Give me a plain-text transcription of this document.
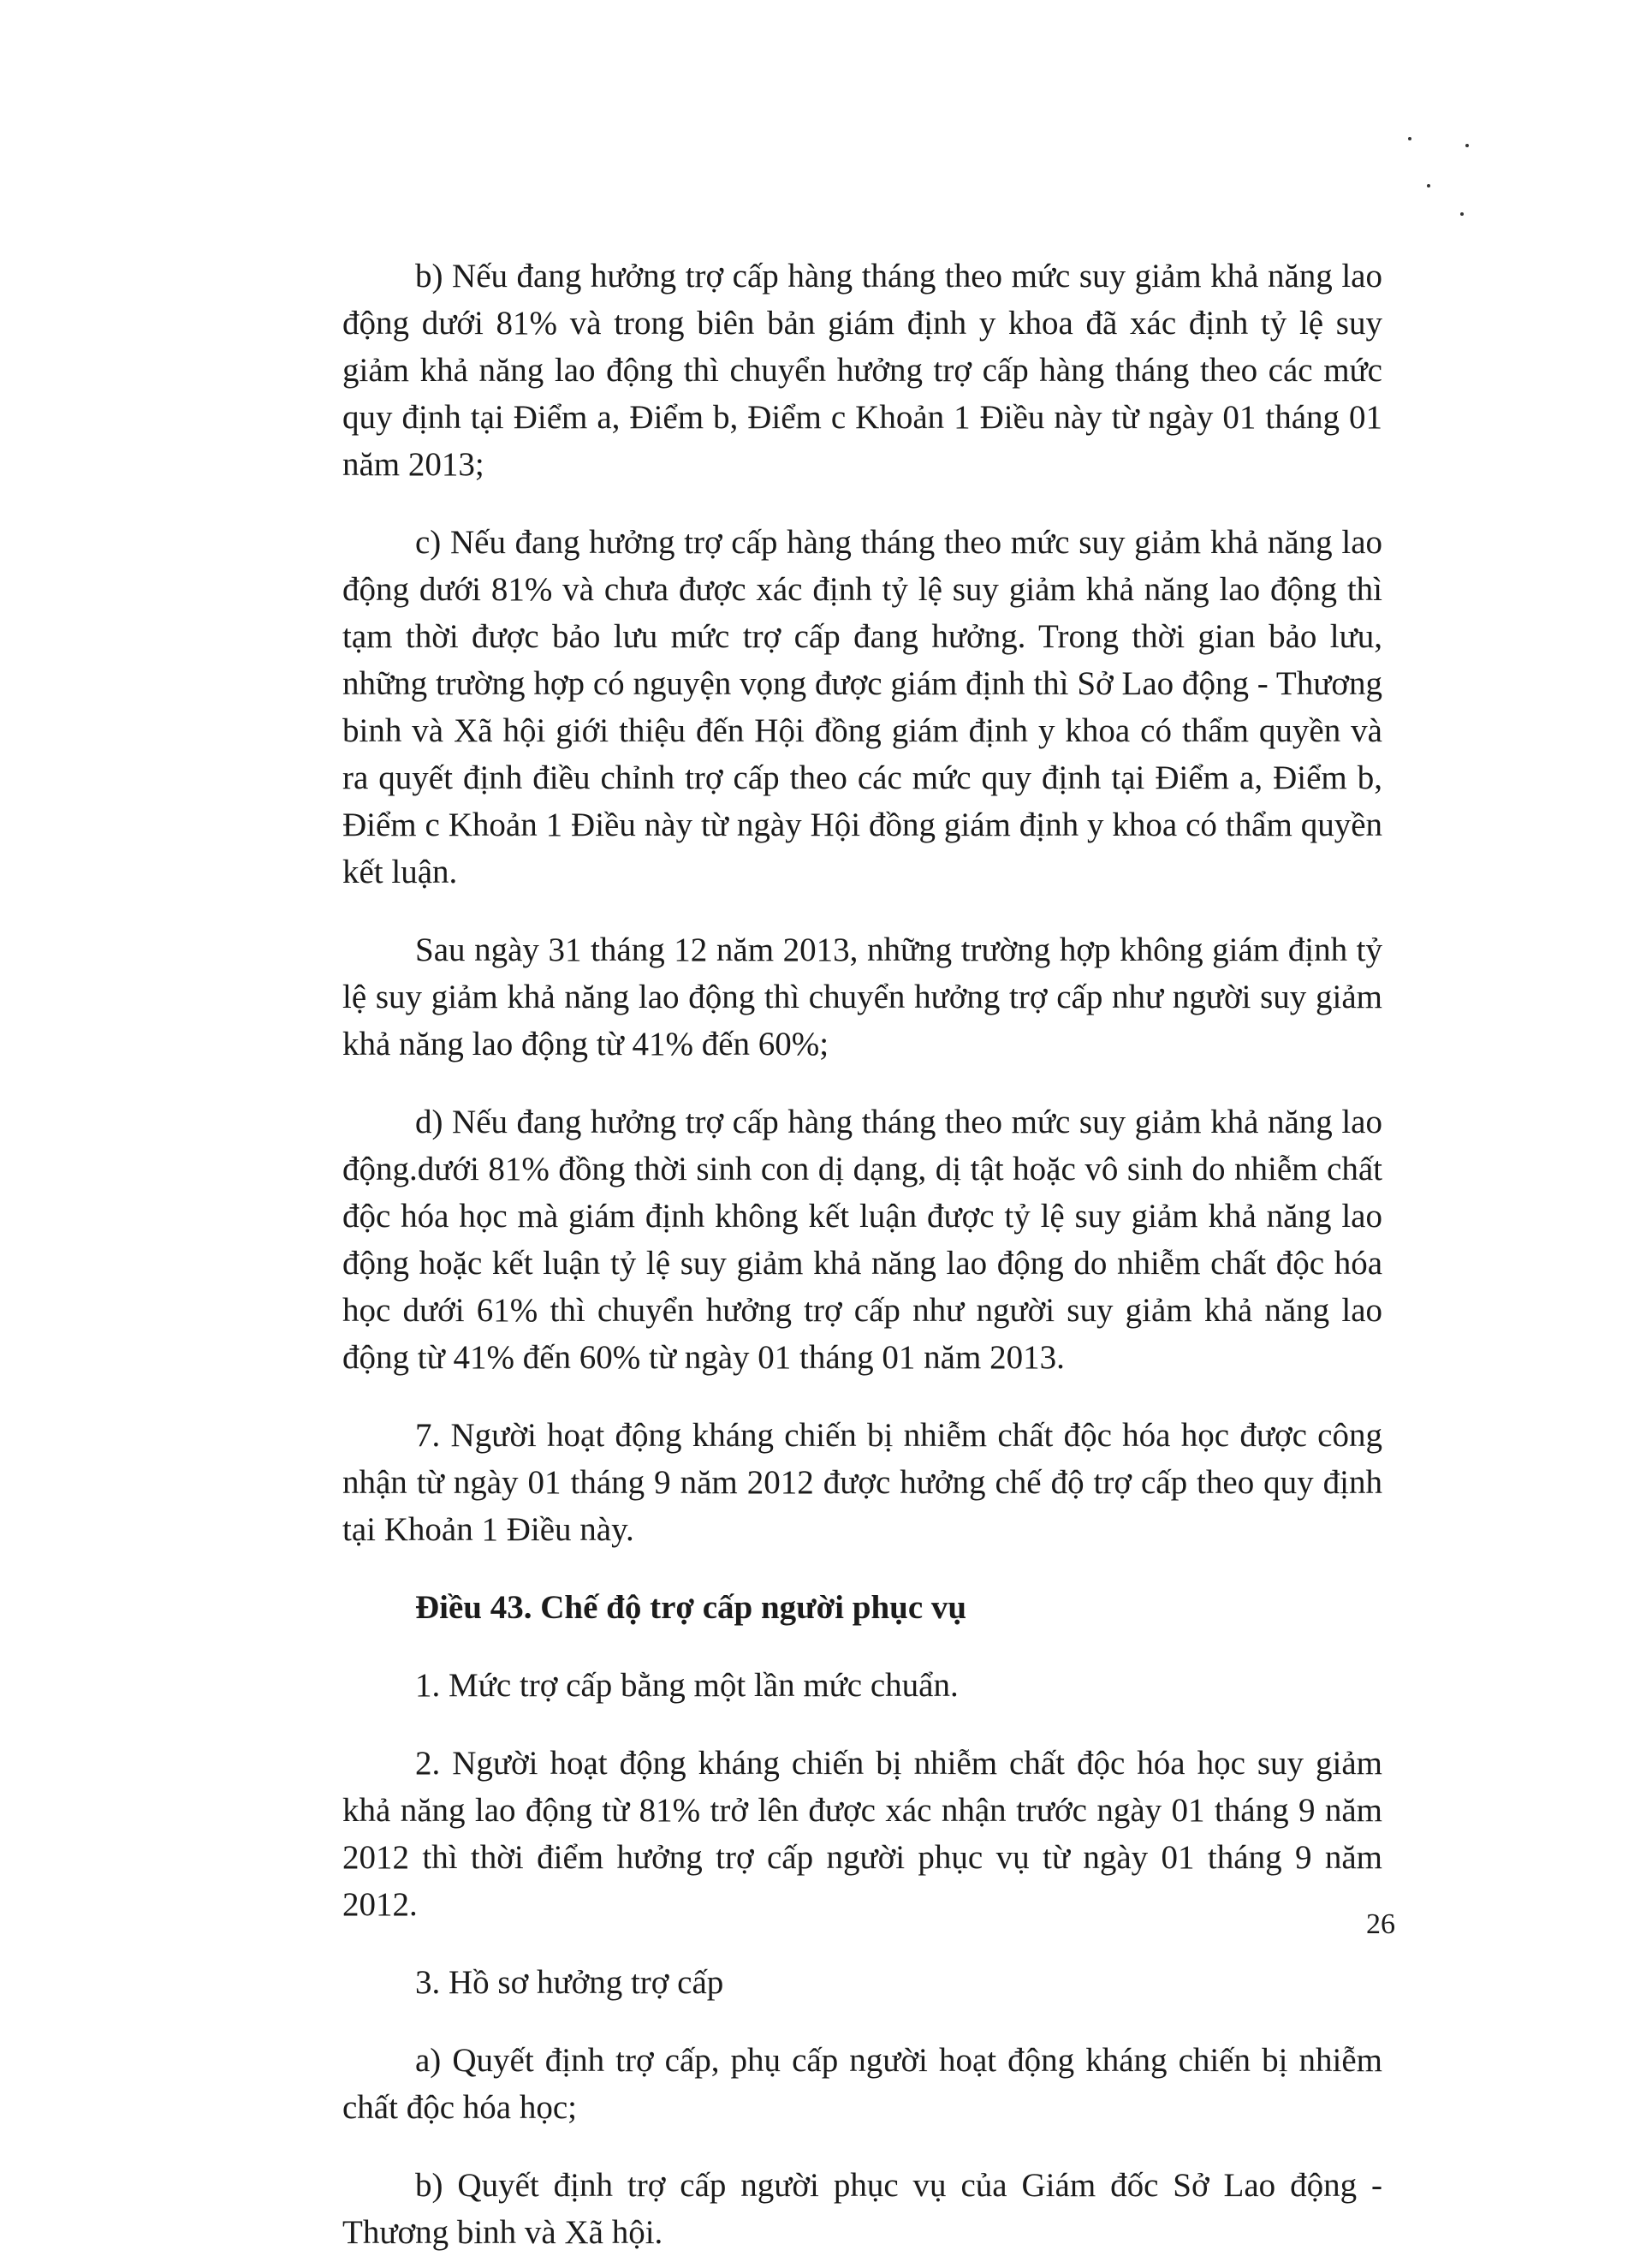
b) Nếu đang hưởng trợ cấp hàng tháng theo mức suy giảm khả năng lao động dưới 81% và trong biên bản giám định y khoa đã xác định tỷ lệ suy giảm khả năng lao động thì chuyển hưởng trợ cấp hàng tháng theo các mức quy định tại Điểm a, Điểm b, Điểm c Khoản 1 Điều này từ ngày 01 tháng 01 năm 2013;

c) Nếu đang hưởng trợ cấp hàng tháng theo mức suy giảm khả năng lao động dưới 81% và chưa được xác định tỷ lệ suy giảm khả năng lao động thì tạm thời được bảo lưu mức trợ cấp đang hưởng. Trong thời gian bảo lưu, những trường hợp có nguyện vọng được giám định thì Sở Lao động - Thương binh và Xã hội giới thiệu đến Hội đồng giám định y khoa có thẩm quyền và ra quyết định điều chỉnh trợ cấp theo các mức quy định tại Điểm a, Điểm b, Điểm c Khoản 1 Điều này từ ngày Hội đồng giám định y khoa có thẩm quyền kết luận.

Sau ngày 31 tháng 12 năm 2013, những trường hợp không giám định tỷ lệ suy giảm khả năng lao động thì chuyển hưởng trợ cấp như người suy giảm khả năng lao động từ 41% đến 60%;

d) Nếu đang hưởng trợ cấp hàng tháng theo mức suy giảm khả năng lao động.dưới 81% đồng thời sinh con dị dạng, dị tật hoặc vô sinh do nhiễm chất độc hóa học mà giám định không kết luận được tỷ lệ suy giảm khả năng lao động hoặc kết luận tỷ lệ suy giảm khả năng lao động do nhiễm chất độc hóa học dưới 61% thì chuyển hưởng trợ cấp như người suy giảm khả năng lao động từ 41% đến 60% từ ngày 01 tháng 01 năm 2013.

7. Người hoạt động kháng chiến bị nhiễm chất độc hóa học được công nhận từ ngày 01 tháng 9 năm 2012 được hưởng chế độ trợ cấp theo quy định tại Khoản 1 Điều này.

Điều 43. Chế độ trợ cấp người phục vụ

1. Mức trợ cấp bằng một lần mức chuẩn.

2. Người hoạt động kháng chiến bị nhiễm chất độc hóa học suy giảm khả năng lao động từ 81% trở lên được xác nhận trước ngày 01 tháng 9 năm 2012 thì thời điểm hưởng trợ cấp người phục vụ từ ngày 01 tháng 9 năm 2012.

3. Hồ sơ hưởng trợ cấp

a) Quyết định trợ cấp, phụ cấp người hoạt động kháng chiến bị nhiễm chất độc hóa học;

b) Quyết định trợ cấp người phục vụ của Giám đốc Sở Lao động - Thương binh và Xã hội.

26
